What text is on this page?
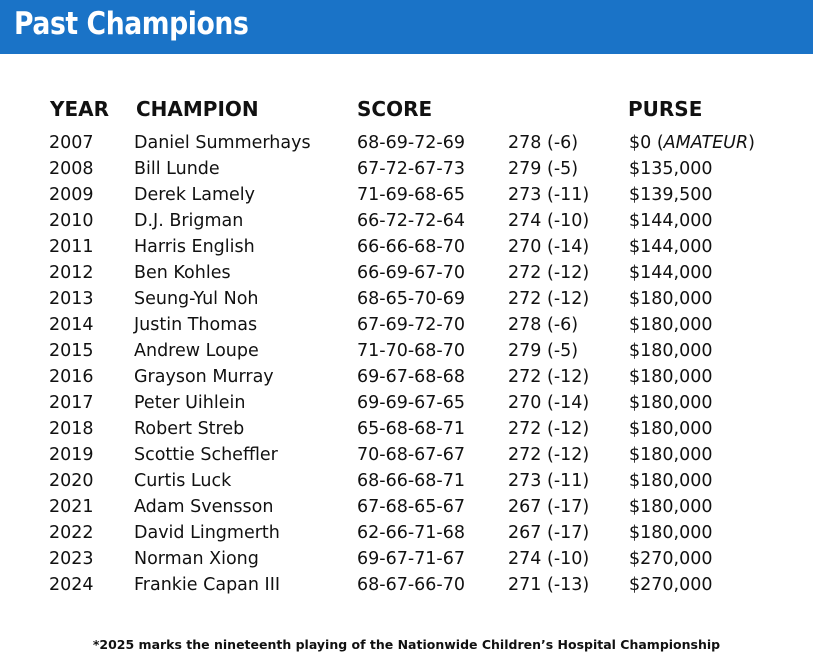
Past Champions
YEAR CHAMPION	SCORE	PURSE
2007 Daniel Summerhays	68-69-72-69 278 (-6)	$0 (AMATEUR)
2008 Bill Lunde	67-72-67-73 279 (-5)	$135,000
2009 Derek Lamely	71-69-68-65 273 (-11) $139,500
2010 D.J. Brigman	66-72-72-64 274 (-10) $144,000
2011 Harris English	66-66-68-70 270 (-14) $144,000
2012 Ben Kohles	66-69-67-70 272 (-12) $144,000
2013 Seung-Yul Noh	68-65-70-69 272 (-12) $180,000
2014 Justin Thomas	67-69-72-70 278 (-6)	$180,000
2015 Andrew Loupe	71-70-68-70 279 (-5)	$180,000
2016 Grayson Murray	69-67-68-68 272 (-12) $180,000
2017 Peter Uihlein	69-69-67-65 270 (-14) $180,000
2018 Robert Streb	65-68-68-71 272 (-12) $180,000
2019 Scottie Scheffler	70-68-67-67 272 (-12) $180,000
2020 Curtis Luck	68-66-68-71 273 (-11) $180,000
2021 Adam Svensson	67-68-65-67 267 (-17) $180,000
2022 David Lingmerth	62-66-71-68 267 (-17) $180,000
2023 Norman Xiong	69-67-71-67 274 (-10) $270,000
2024 Frankie Capan III	68-67-66-70 271 (-13) $270,000
*2025 marks the nineteenth playing of the Nationwide Children’s Hospital Championship
